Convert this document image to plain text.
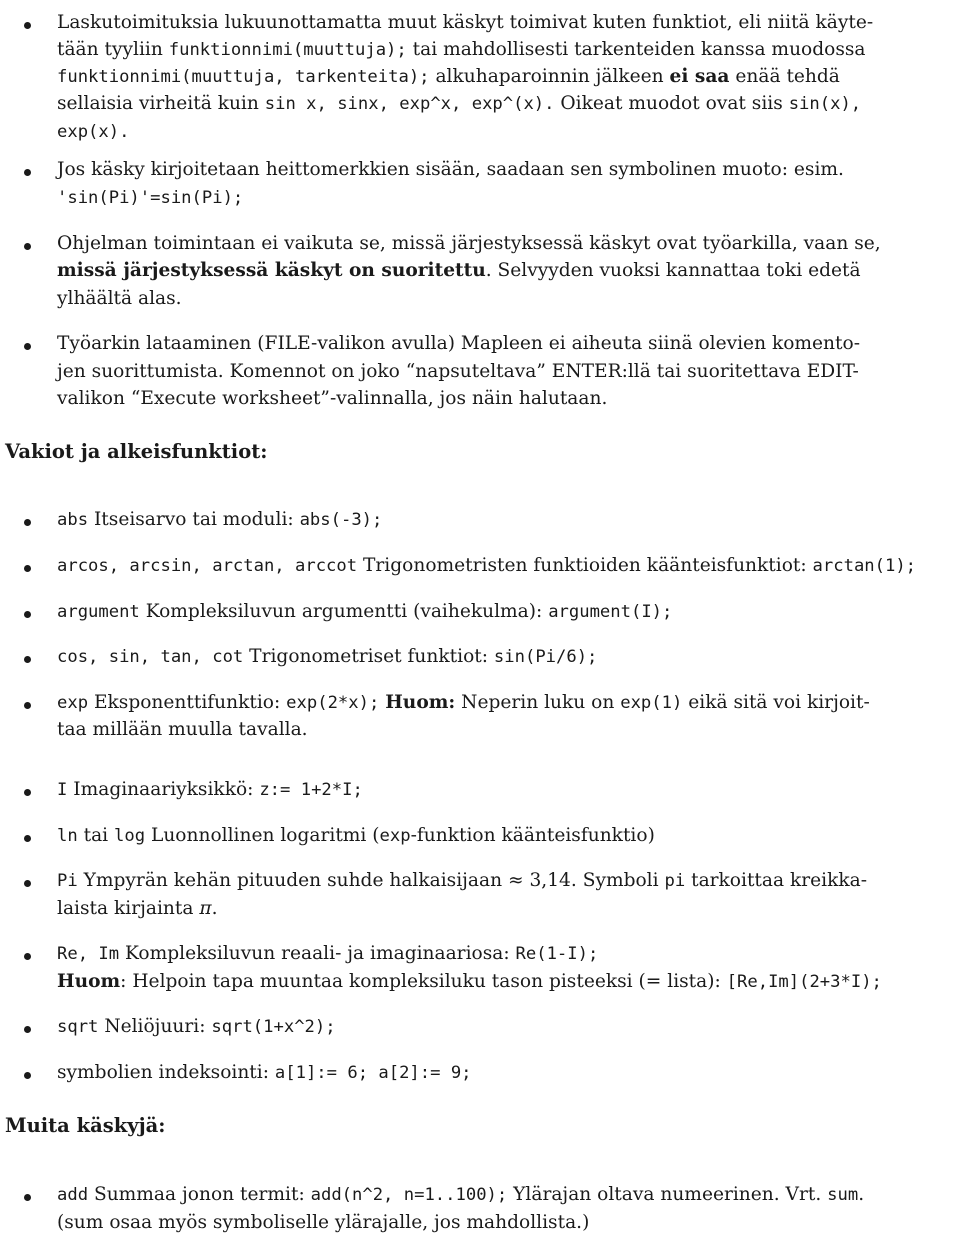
Laskutoimituksia lukuunottamatta muut käskyt toimivat kuten funktiot, eli niitä käyte-
tään tyyliin funktionnimi(muuttuja); tai mahdollisesti tarkenteiden kanssa muodossa
funktionnimi(muuttuja, tarkenteita); alkuhaparoinnin jälkeen ei saa enää tehdä
sellaisia virheitä kuin sin x, sinx, exp^x, exp^(x). Oikeat muodot ovat siis sin(x),
exp(x).
Jos käsky kirjoitetaan heittomerkkien sisään, saadaan sen symbolinen muoto: esim.
'sin(Pi)'=sin(Pi);
Ohjelman toimintaan ei vaikuta se, missä järjestyksessä käskyt ovat työarkilla, vaan se,
missä järjestyksessä käskyt on suoritettu. Selvyyden vuoksi kannattaa toki edetä
ylhäältä alas.
Työarkin lataaminen (FILE-valikon avulla) Mapleen ei aiheuta siinä olevien komento-
jen suorittumista. Komennot on joko “napsuteltava” ENTER:llä tai suoritettava EDIT-
valikon “Execute worksheet”-valinnalla, jos näin halutaan.
Vakiot ja alkeisfunktiot:
abs Itseisarvo tai moduli: abs(-3);
arcos, arcsin, arctan, arccot Trigonometristen funktioiden käänteisfunktiot: arctan(1);
argument Kompleksiluvun argumentti (vaihekulma): argument(I);
cos, sin, tan, cot Trigonometriset funktiot: sin(Pi/6);
exp Eksponenttifunktio: exp(2*x); Huom: Neperin luku on exp(1) eikä sitä voi kirjoit-
taa millään muulla tavalla.
I Imaginaariyksikkö: z:= 1+2*I;
ln tai log Luonnollinen logaritmi (exp-funktion käänteisfunktio)
Pi Ympyrän kehän pituuden suhde halkaisijaan ≈ 3,14. Symboli pi tarkoittaa kreikka-
laista kirjainta π.
Re, Im Kompleksiluvun reaali- ja imaginaariosa: Re(1-I);
Huom: Helpoin tapa muuntaa kompleksiluku tason pisteeksi (= lista): [Re,Im](2+3*I);
sqrt Neliöjuuri: sqrt(1+x^2);
symbolien indeksointi: a[1]:= 6; a[2]:= 9;
Muita käskyjä:
add Summaa jonon termit: add(n^2, n=1..100); Ylärajan oltava numeerinen. Vrt. sum.
(sum osaa myös symboliselle ylärajalle, jos mahdollista.)
